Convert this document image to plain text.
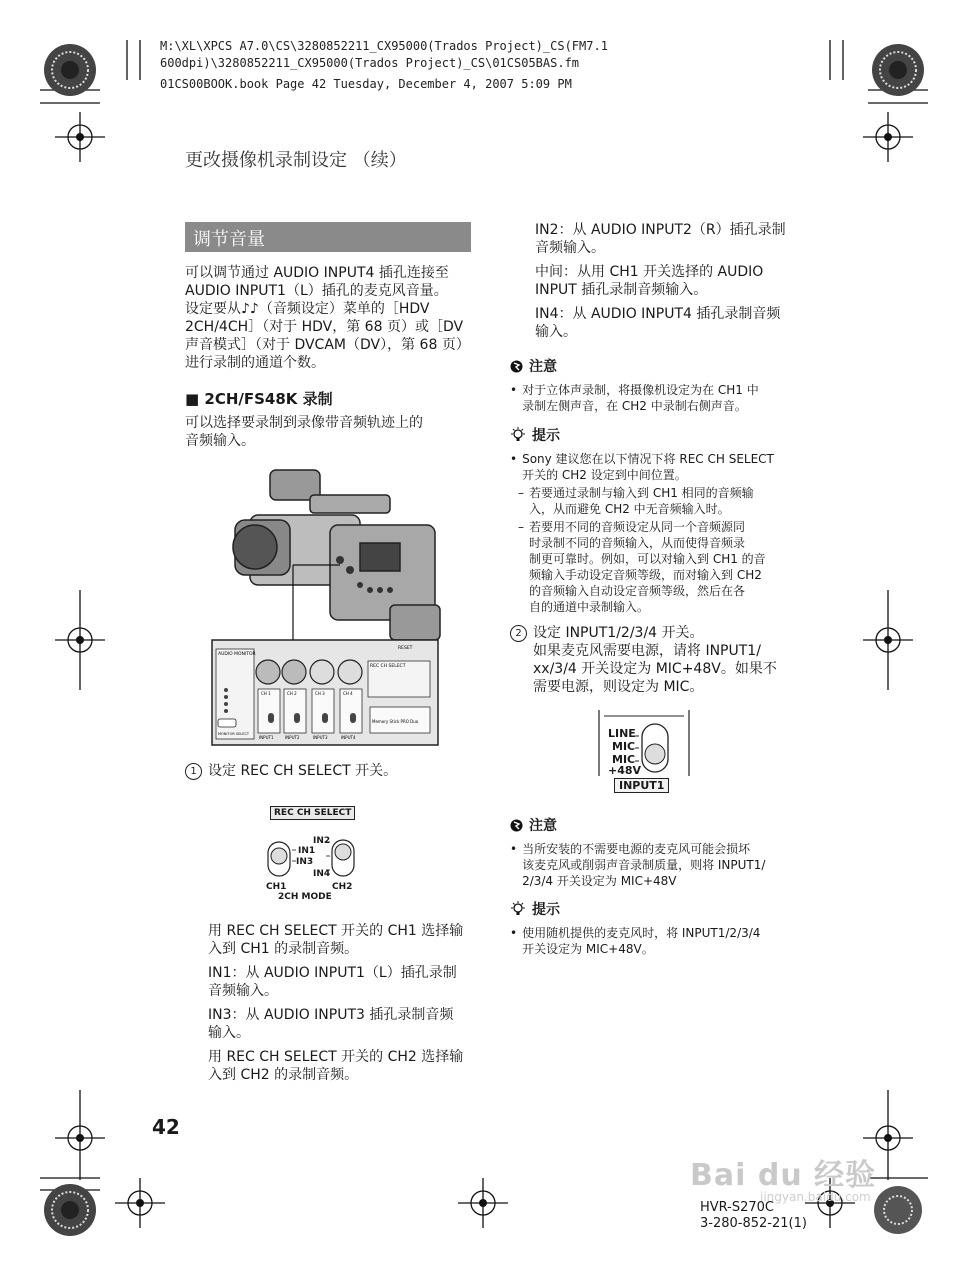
M:\XL\XPCS A7.0\CS\3280852211_CX95000(Trados Project)_CS(FM7.1
600dpi)\3280852211_CX95000(Trados Project)_CS\01CS05BAS.fm
01CS00BOOK.book Page 42 Tuesday, December 4, 2007 5:09 PM
更改摄像机录制设定 （续）
调节音量
可以调节通过 AUDIO INPUT4 插孔连接至
AUDIO INPUT1（L）插孔的麦克风音量。
设定要从♪♪（音频设定）菜单的［HDV
2CH/4CH］（对于 HDV，第 68 页）或［DV
声音模式］（对于 DVCAM（DV），第 68 页）
进行录制的通道个数。
■ 2CH/FS48K 录制
可以选择要录制到录像带音频轨迹上的
音频输入。
AUDIO MONITOR
RESET
REC CH SELECT
Memory Stick PRO Duo
MONITOR SELECT
CH 1	CH 2	CH 3	CH 4
INPUT1	INPUT2	INPUT3	INPUT4
1 设定 REC CH SELECT 开关。
REC CH SELECT
IN1
IN3
IN2
IN4
CH1	CH2
2CH MODE
用 REC CH SELECT 开关的 CH1 选择输
入到 CH1 的录制音频。
IN1：从 AUDIO INPUT1（L）插孔录制
音频输入。
IN3：从 AUDIO INPUT3 插孔录制音频
输入。
用 REC CH SELECT 开关的 CH2 选择输
入到 CH2 的录制音频。
IN2：从 AUDIO INPUT2（R）插孔录制
音频输入。
中间：从用 CH1 开关选择的 AUDIO
INPUT 插孔录制音频输入。
IN4：从 AUDIO INPUT4 插孔录制音频
输入。
注意
• 对于立体声录制，将摄像机设定为在 CH1 中
录制左侧声音，在 CH2 中录制右侧声音。
提示
• Sony 建议您在以下情况下将 REC CH SELECT
开关的 CH2 设定到中间位置。
– 若要通过录制与输入到 CH1 相同的音频输
入，从而避免 CH2 中无音频输入时。
– 若要用不同的音频设定从同一个音频源同
时录制不同的音频输入，从而使得音频录
制更可靠时。例如，可以对输入到 CH1 的音
频输入手动设定音频等级，而对输入到 CH2
的音频输入自动设定音频等级，然后在各
自的通道中录制输入。
2 设定 INPUT1/2/3/4 开关。
如果麦克风需要电源，请将 INPUT1/
xx/3/4 开关设定为 MIC+48V。如果不
需要电源，则设定为 MIC。
LINE
MIC
MIC
+48V
INPUT1
注意
• 当所安装的不需要电源的麦克风可能会损坏
该麦克风或削弱声音录制质量，则将 INPUT1/
2/3/4 开关设定为 MIC+48V
提示
• 使用随机提供的麦克风时，将 INPUT1/2/3/4
开关设定为 MIC+48V。
42
Bai du 经验
jingyan.baidu.com
HVR-S270C
3-280-852-21(1)
